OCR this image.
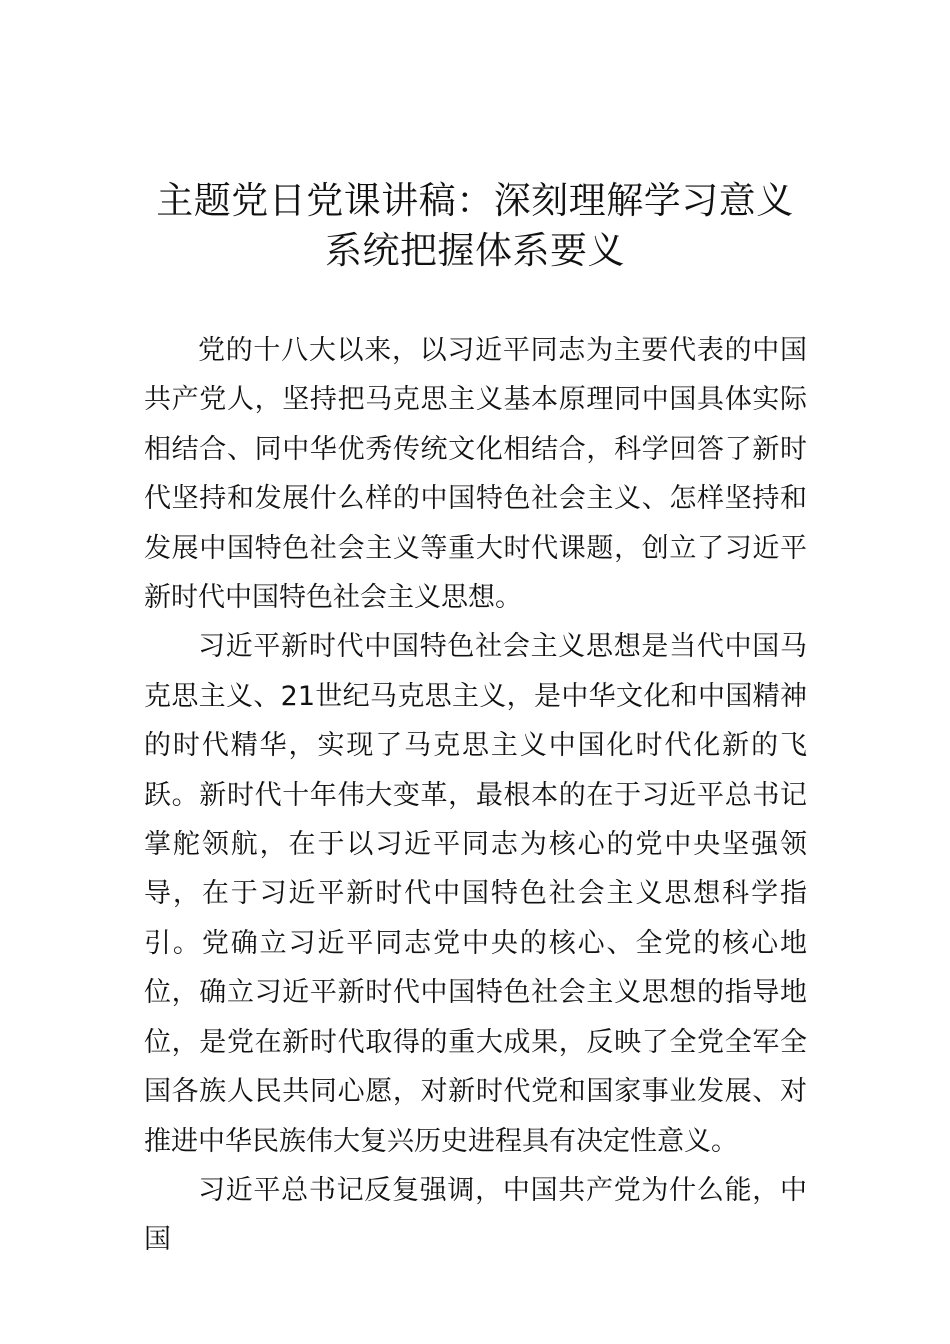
主题党日党课讲稿：深刻理解学习意义系统把握体系要义

党的十八大以来，以习近平同志为主要代表的中国共产党人，坚持把马克思主义基本原理同中国具体实际相结合、同中华优秀传统文化相结合，科学回答了新时代坚持和发展什么样的中国特色社会主义、怎样坚持和发展中国特色社会主义等重大时代课题，创立了习近平新时代中国特色社会主义思想。

习近平新时代中国特色社会主义思想是当代中国马克思主义、21世纪马克思主义，是中华文化和中国精神的时代精华，实现了马克思主义中国化时代化新的飞跃。新时代十年伟大变革，最根本的在于习近平总书记掌舵领航，在于以习近平同志为核心的党中央坚强领导，在于习近平新时代中国特色社会主义思想科学指引。党确立习近平同志党中央的核心、全党的核心地位，确立习近平新时代中国特色社会主义思想的指导地位，是党在新时代取得的重大成果，反映了全党全军全国各族人民共同心愿，对新时代党和国家事业发展、对推进中华民族伟大复兴历史进程具有决定性意义。

习近平总书记反复强调，中国共产党为什么能，中国
